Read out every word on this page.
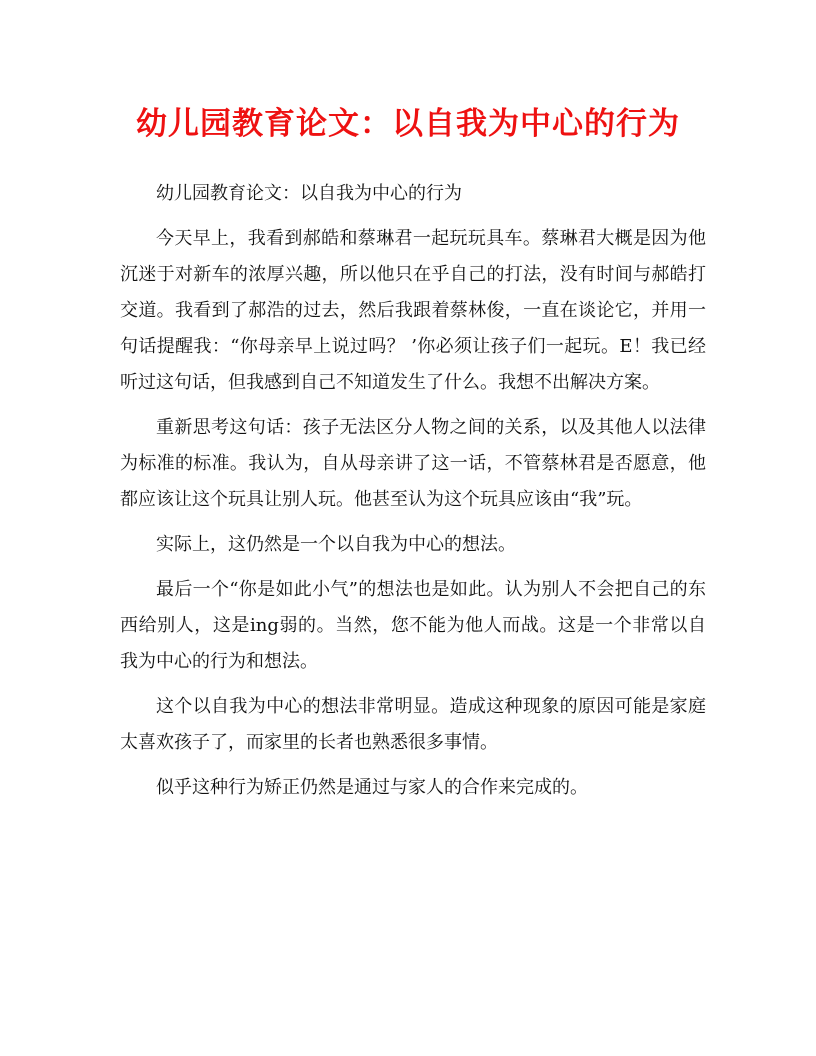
幼儿园教育论文：以自我为中心的行为

幼儿园教育论文：以自我为中心的行为

今天早上，我看到郝皓和蔡琳君一起玩玩具车。蔡琳君大概是因为他沉迷于对新车的浓厚兴趣，所以他只在乎自己的打法，没有时间与郝皓打交道。我看到了郝浩的过去，然后我跟着蔡林俊，一直在谈论它，并用一句话提醒我：“你母亲早上说过吗？ ’你必须让孩子们一起玩。E！我已经听过这句话，但我感到自己不知道发生了什么。我想不出解决方案。

重新思考这句话：孩子无法区分人物之间的关系，以及其他人以法律为标准的标准。我认为，自从母亲讲了这一话，不管蔡林君是否愿意，他都应该让这个玩具让别人玩。他甚至认为这个玩具应该由“我”玩。

实际上，这仍然是一个以自我为中心的想法。

最后一个“你是如此小气”的想法也是如此。认为别人不会把自己的东西给别人，这是ing弱的。当然，您不能为他人而战。这是一个非常以自我为中心的行为和想法。

这个以自我为中心的想法非常明显。造成这种现象的原因可能是家庭太喜欢孩子了，而家里的长者也熟悉很多事情。

似乎这种行为矫正仍然是通过与家人的合作来完成的。
